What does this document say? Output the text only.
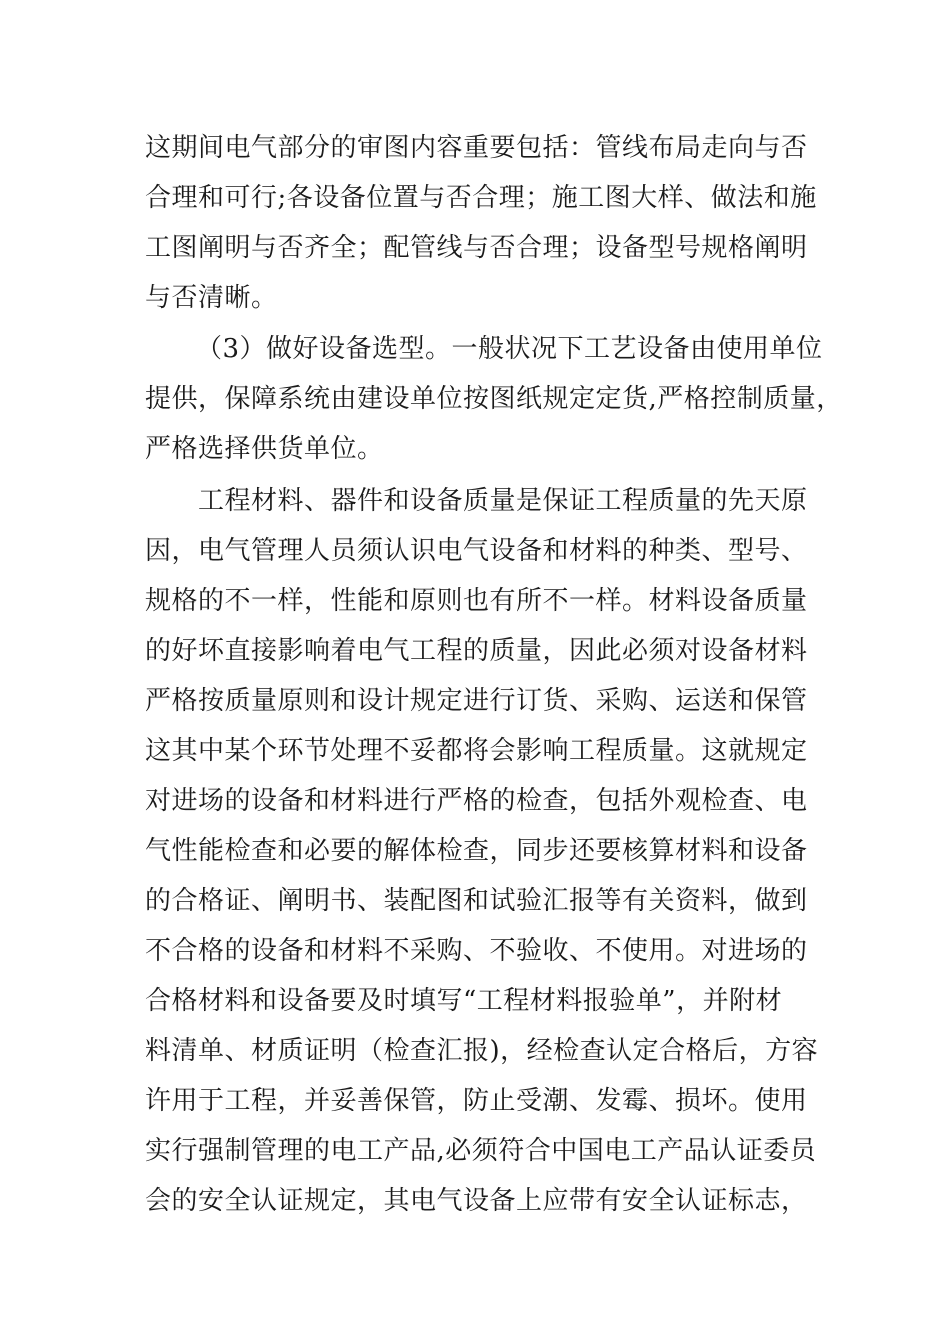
这期间电气部分的审图内容重要包括：管线布局走向与否
合理和可行;各设备位置与否合理；施工图大样、做法和施
工图阐明与否齐全；配管线与否合理；设备型号规格阐明
与否清晰。
（3）做好设备选型。一般状况下工艺设备由使用单位
提供，保障系统由建设单位按图纸规定定货,严格控制质量，
严格选择供货单位。
工程材料、器件和设备质量是保证工程质量的先天原
因，电气管理人员须认识电气设备和材料的种类、型号、
规格的不一样，性能和原则也有所不一样。材料设备质量
的好坏直接影响着电气工程的质量，因此必须对设备材料
严格按质量原则和设计规定进行订货、采购、运送和保管
这其中某个环节处理不妥都将会影响工程质量。这就规定
对进场的设备和材料进行严格的检查，包括外观检查、电
气性能检查和必要的解体检查，同步还要核算材料和设备
的合格证、阐明书、装配图和试验汇报等有关资料，做到
不合格的设备和材料不采购、不验收、不使用。对进场的
合格材料和设备要及时填写“工程材料报验单”，并附材
料清单、材质证明（检查汇报)，经检查认定合格后，方容
许用于工程，并妥善保管，防止受潮、发霉、损坏。使用
实行强制管理的电工产品,必须符合中国电工产品认证委员
会的安全认证规定，其电气设备上应带有安全认证标志，
